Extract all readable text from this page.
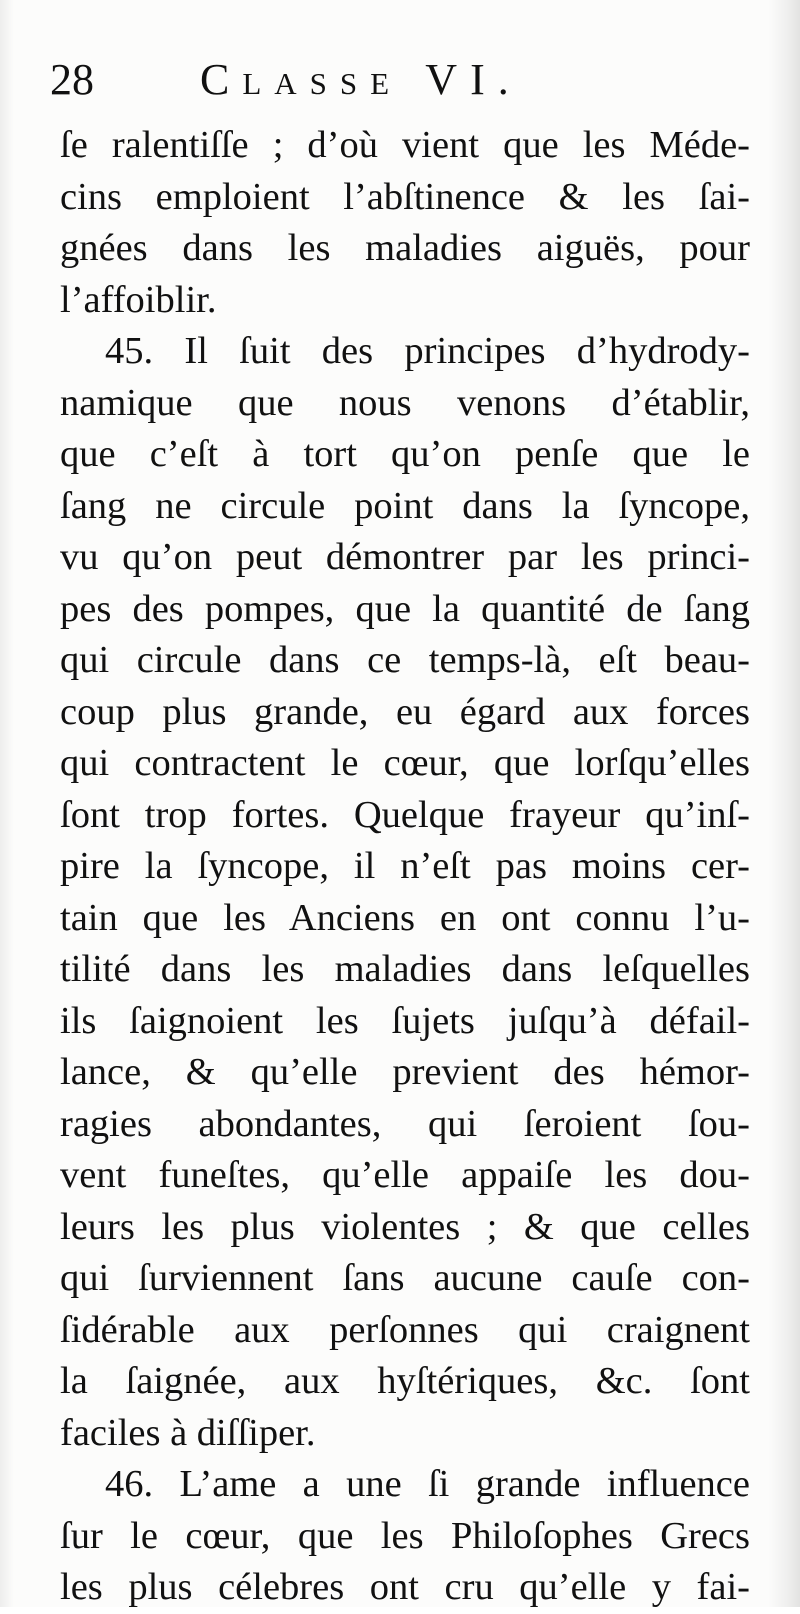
28 Classe VI.
ſe ralentiſſe ; d’où vient que les Méde-
cins emploient l’abſtinence & les ſai-
gnées dans les maladies aiguës, pour
l’affoiblir.
45. Il ſuit des principes d’hydrody-
namique que nous venons d’établir,
que c’eſt à tort qu’on penſe que le
ſang ne circule point dans la ſyncope,
vu qu’on peut démontrer par les princi-
pes des pompes, que la quantité de ſang
qui circule dans ce temps-là, eſt beau-
coup plus grande, eu égard aux forces
qui contractent le cœur, que lorſqu’elles
ſont trop fortes. Quelque frayeur qu’inſ-
pire la ſyncope, il n’eſt pas moins cer-
tain que les Anciens en ont connu l’u-
tilité dans les maladies dans leſquelles
ils ſaignoient les ſujets juſqu’à défail-
lance, & qu’elle previent des hémor-
ragies abondantes, qui ſeroient ſou-
vent funeſtes, qu’elle appaiſe les dou-
leurs les plus violentes ; & que celles
qui ſurviennent ſans aucune cauſe con-
ſidérable aux perſonnes qui craignent
la ſaignée, aux hyſtériques, &c. ſont
faciles à diſſiper.
46. L’ame a une ſi grande influence
ſur le cœur, que les Philoſophes Grecs
les plus célebres ont cru qu’elle y fai-
